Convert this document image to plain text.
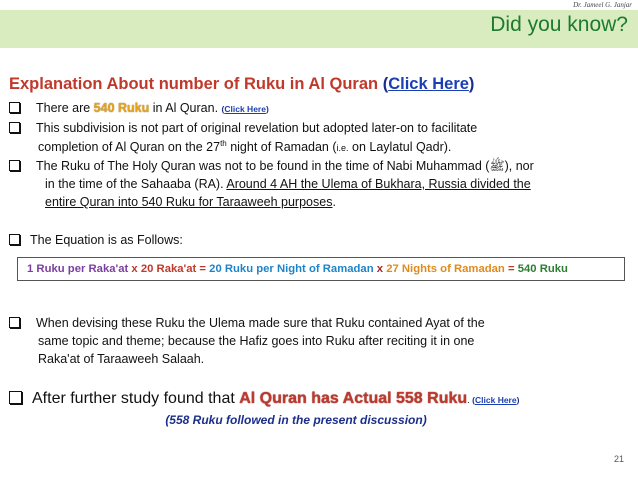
Dr. Jameel G. Janjar
Did you know?
Explanation About number of Ruku in Al Quran (Click Here)
There are 540 Ruku in Al Quran. (Click Here)
This subdivision is not part of original revelation but adopted later-on to facilitate
completion of Al Quran on the 27th night of Ramadan (i.e. on Laylatul Qadr).
The Ruku of The Holy Quran was not to be found in the time of Nabi Muhammad (ﷺ), nor
in the time of the Sahaaba (RA). Around 4 AH the Ulema of Bukhara, Russia divided the
entire Quran into 540 Ruku for Taraaweeh purposes.
The Equation is as Follows:
1 Ruku per Raka'at x 20 Raka'at = 20 Ruku per Night of Ramadan x 27 Nights of Ramadan = 540 Ruku
When devising these Ruku the Ulema made sure that Ruku contained Ayat of the
same topic and theme; because the Hafiz goes into Ruku after reciting it in one
Raka'at of Taraaweeh Salaah.
After further study found that Al Quran has Actual 558 Ruku. (Click Here)
(558 Ruku followed in the present discussion)
21
